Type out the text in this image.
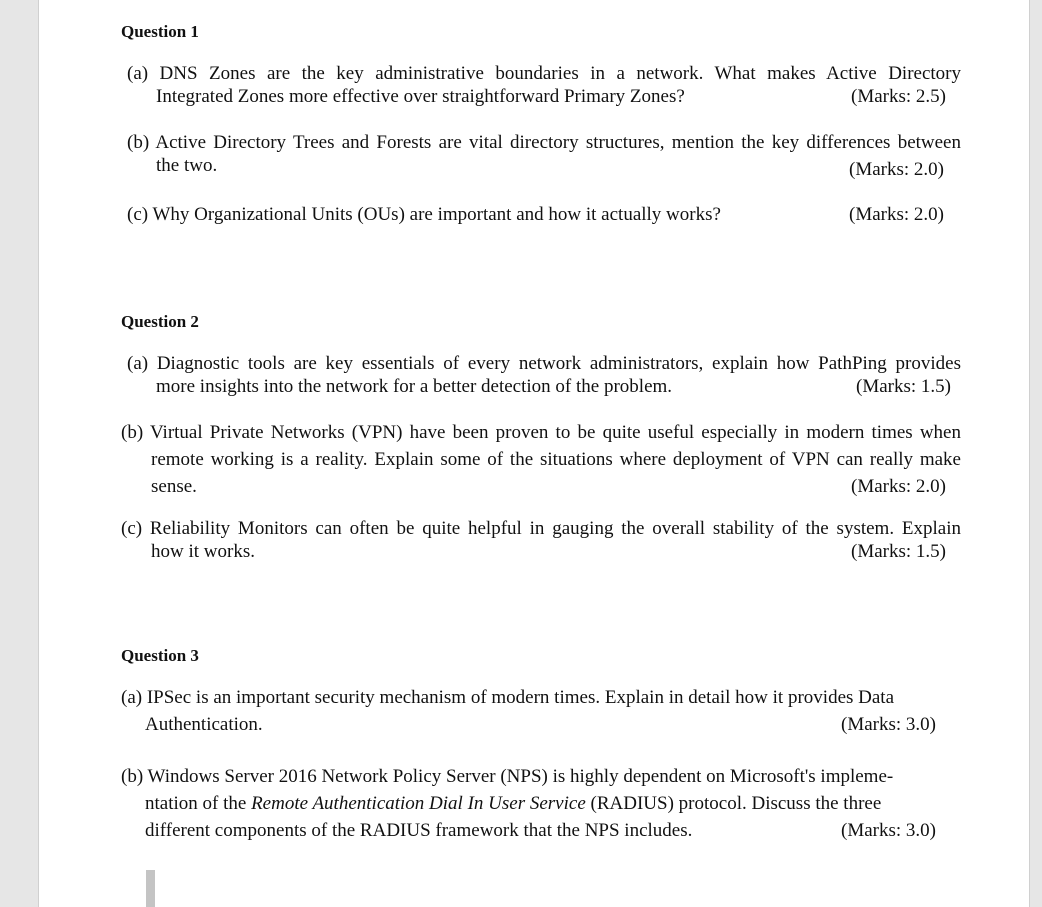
Question 1
(a) DNS Zones are the key administrative boundaries in a network. What makes Active Directory
Integrated Zones more effective over straightforward Primary Zones?	(Marks: 2.5)
(b) Active Directory Trees and Forests are vital directory structures, mention the key differences between
the two.	(Marks: 2.0)
(c) Why Organizational Units (OUs) are important and how it actually works?	(Marks: 2.0)
Question 2
(a) Diagnostic tools are key essentials of every network administrators, explain how PathPing provides
more insights into the network for a better detection of the problem.	(Marks: 1.5)
(b) Virtual Private Networks (VPN) have been proven to be quite useful especially in modern times when
remote working is a reality. Explain some of the situations where deployment of VPN can really make
sense.	(Marks: 2.0)
(c) Reliability Monitors can often be quite helpful in gauging the overall stability of the system. Explain
how it works.	(Marks: 1.5)
Question 3
(a) IPSec is an important security mechanism of modern times. Explain in detail how it provides Data
Authentication.	(Marks: 3.0)
(b) Windows Server 2016 Network Policy Server (NPS) is highly dependent on Microsoft's impleme-
ntation of the Remote Authentication Dial In User Service (RADIUS) protocol. Discuss the three
different components of the RADIUS framework that the NPS includes.	(Marks: 3.0)
